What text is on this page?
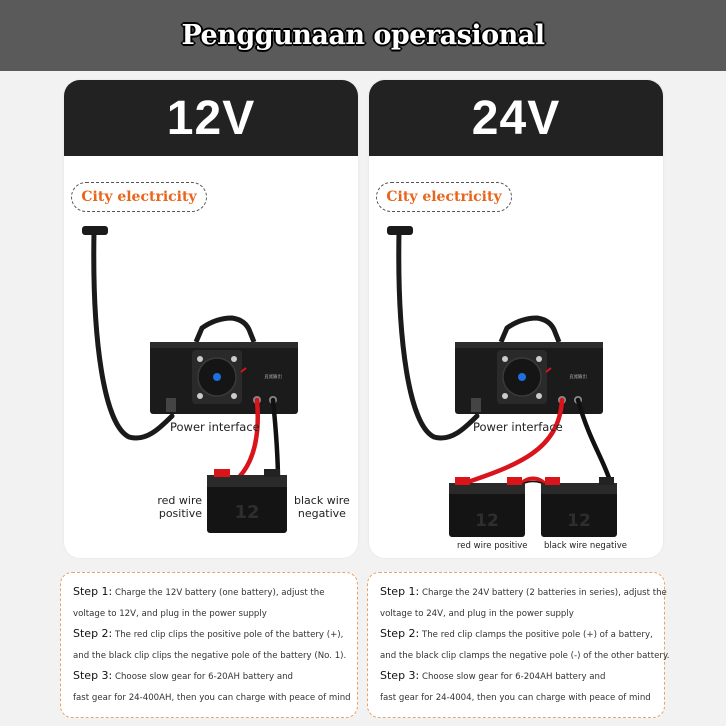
Penggunaan operasional
12V
直流输出
12
City electricity
Power interface
red wire
positive
black wire
negative
24V
直流输出
12	12
City electricity
Power interface
red wire positive black wire negative
Step 1: Charge the 12V battery (one battery), adjust the
voltage to 12V, and plug in the power supply
Step 2: The red clip clips the positive pole of the battery (+),
and the black clip clips the negative pole of the battery (No. 1).
Step 3: Choose slow gear for 6-20AH battery and
fast gear for 24-400AH, then you can charge with peace of mind
Step 1: Charge the 24V battery (2 batteries in series), adjust the
voltage to 24V, and plug in the power supply
Step 2: The red clip clamps the positive pole (+) of a battery,
and the black clip clamps the negative pole (-) of the other battery.
Step 3: Choose slow gear for 6-204AH battery and
fast gear for 24-4004, then you can charge with peace of mind
